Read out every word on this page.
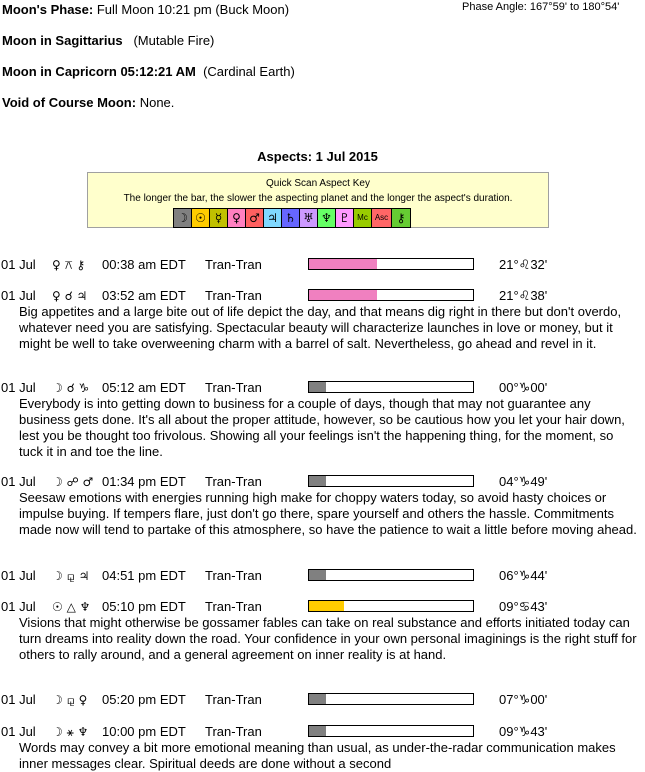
Moon's Phase: Full Moon 10:21 pm (Buck Moon)	Phase Angle: 167°59' to 180°54'
Moon in Sagittarius (Mutable Fire)
Moon in Capricorn 05:12:21 AM (Cardinal Earth)
Void of Course Moon: None.
Aspects: 1 Jul 2015
Quick Scan Aspect Key
The longer the bar, the slower the aspecting planet and the longer the aspect's duration.
☽ ☉ ☿ ♀ ♂ ♃ ♄ ♅ ♆ ♇ Mc Asc ⚷
01 Jul ♀ ⚻ ⚷ 00:38 am EDT Tran-Tran	21°♌32'
01 Jul ♀ ☌ ♃ 03:52 am EDT Tran-Tran	21°♌38'
Big appetites and a large bite out of life depict the day, and that means dig right in there but don't overdo, whatever need you are satisfying. Spectacular beauty will characterize launches in love or money, but it might be well to take overweening charm with a barrel of salt. Nevertheless, go ahead and revel in it.
01 Jul ☽ ☌ ♑ 05:12 am EDT Tran-Tran	00°♑00'
Everybody is into getting down to business for a couple of days, though that may not guarantee any business gets done. It's all about the proper attitude, however, so be cautious how you let your hair down, lest you be thought too frivolous. Showing all your feelings isn't the happening thing, for the moment, so tuck it in and toe the line.
01 Jul ☽ ☍ ♂ 01:34 pm EDT Tran-Tran	04°♑49'
Seesaw emotions with energies running high make for choppy waters today, so avoid hasty choices or impulse buying. If tempers flare, just don't go there, spare yourself and others the hassle. Commitments made now will tend to partake of this atmosphere, so have the patience to wait a little before moving ahead.
01 Jul ☽ ⚼ ♃ 04:51 pm EDT Tran-Tran	06°♑44'
01 Jul ☉ △ ♆ 05:10 pm EDT Tran-Tran	09°♋43'
Visions that might otherwise be gossamer fables can take on real substance and efforts initiated today can turn dreams into reality down the road. Your confidence in your own personal imaginings is the right stuff for others to rally around, and a general agreement on inner reality is at hand.
01 Jul ☽ ⚼ ♀ 05:20 pm EDT Tran-Tran	07°♑00'
01 Jul ☽ ⚹ ♆ 10:00 pm EDT Tran-Tran	09°♑43'
Words may convey a bit more emotional meaning than usual, as under-the-radar communication makes inner messages clear. Spiritual deeds are done without a second
